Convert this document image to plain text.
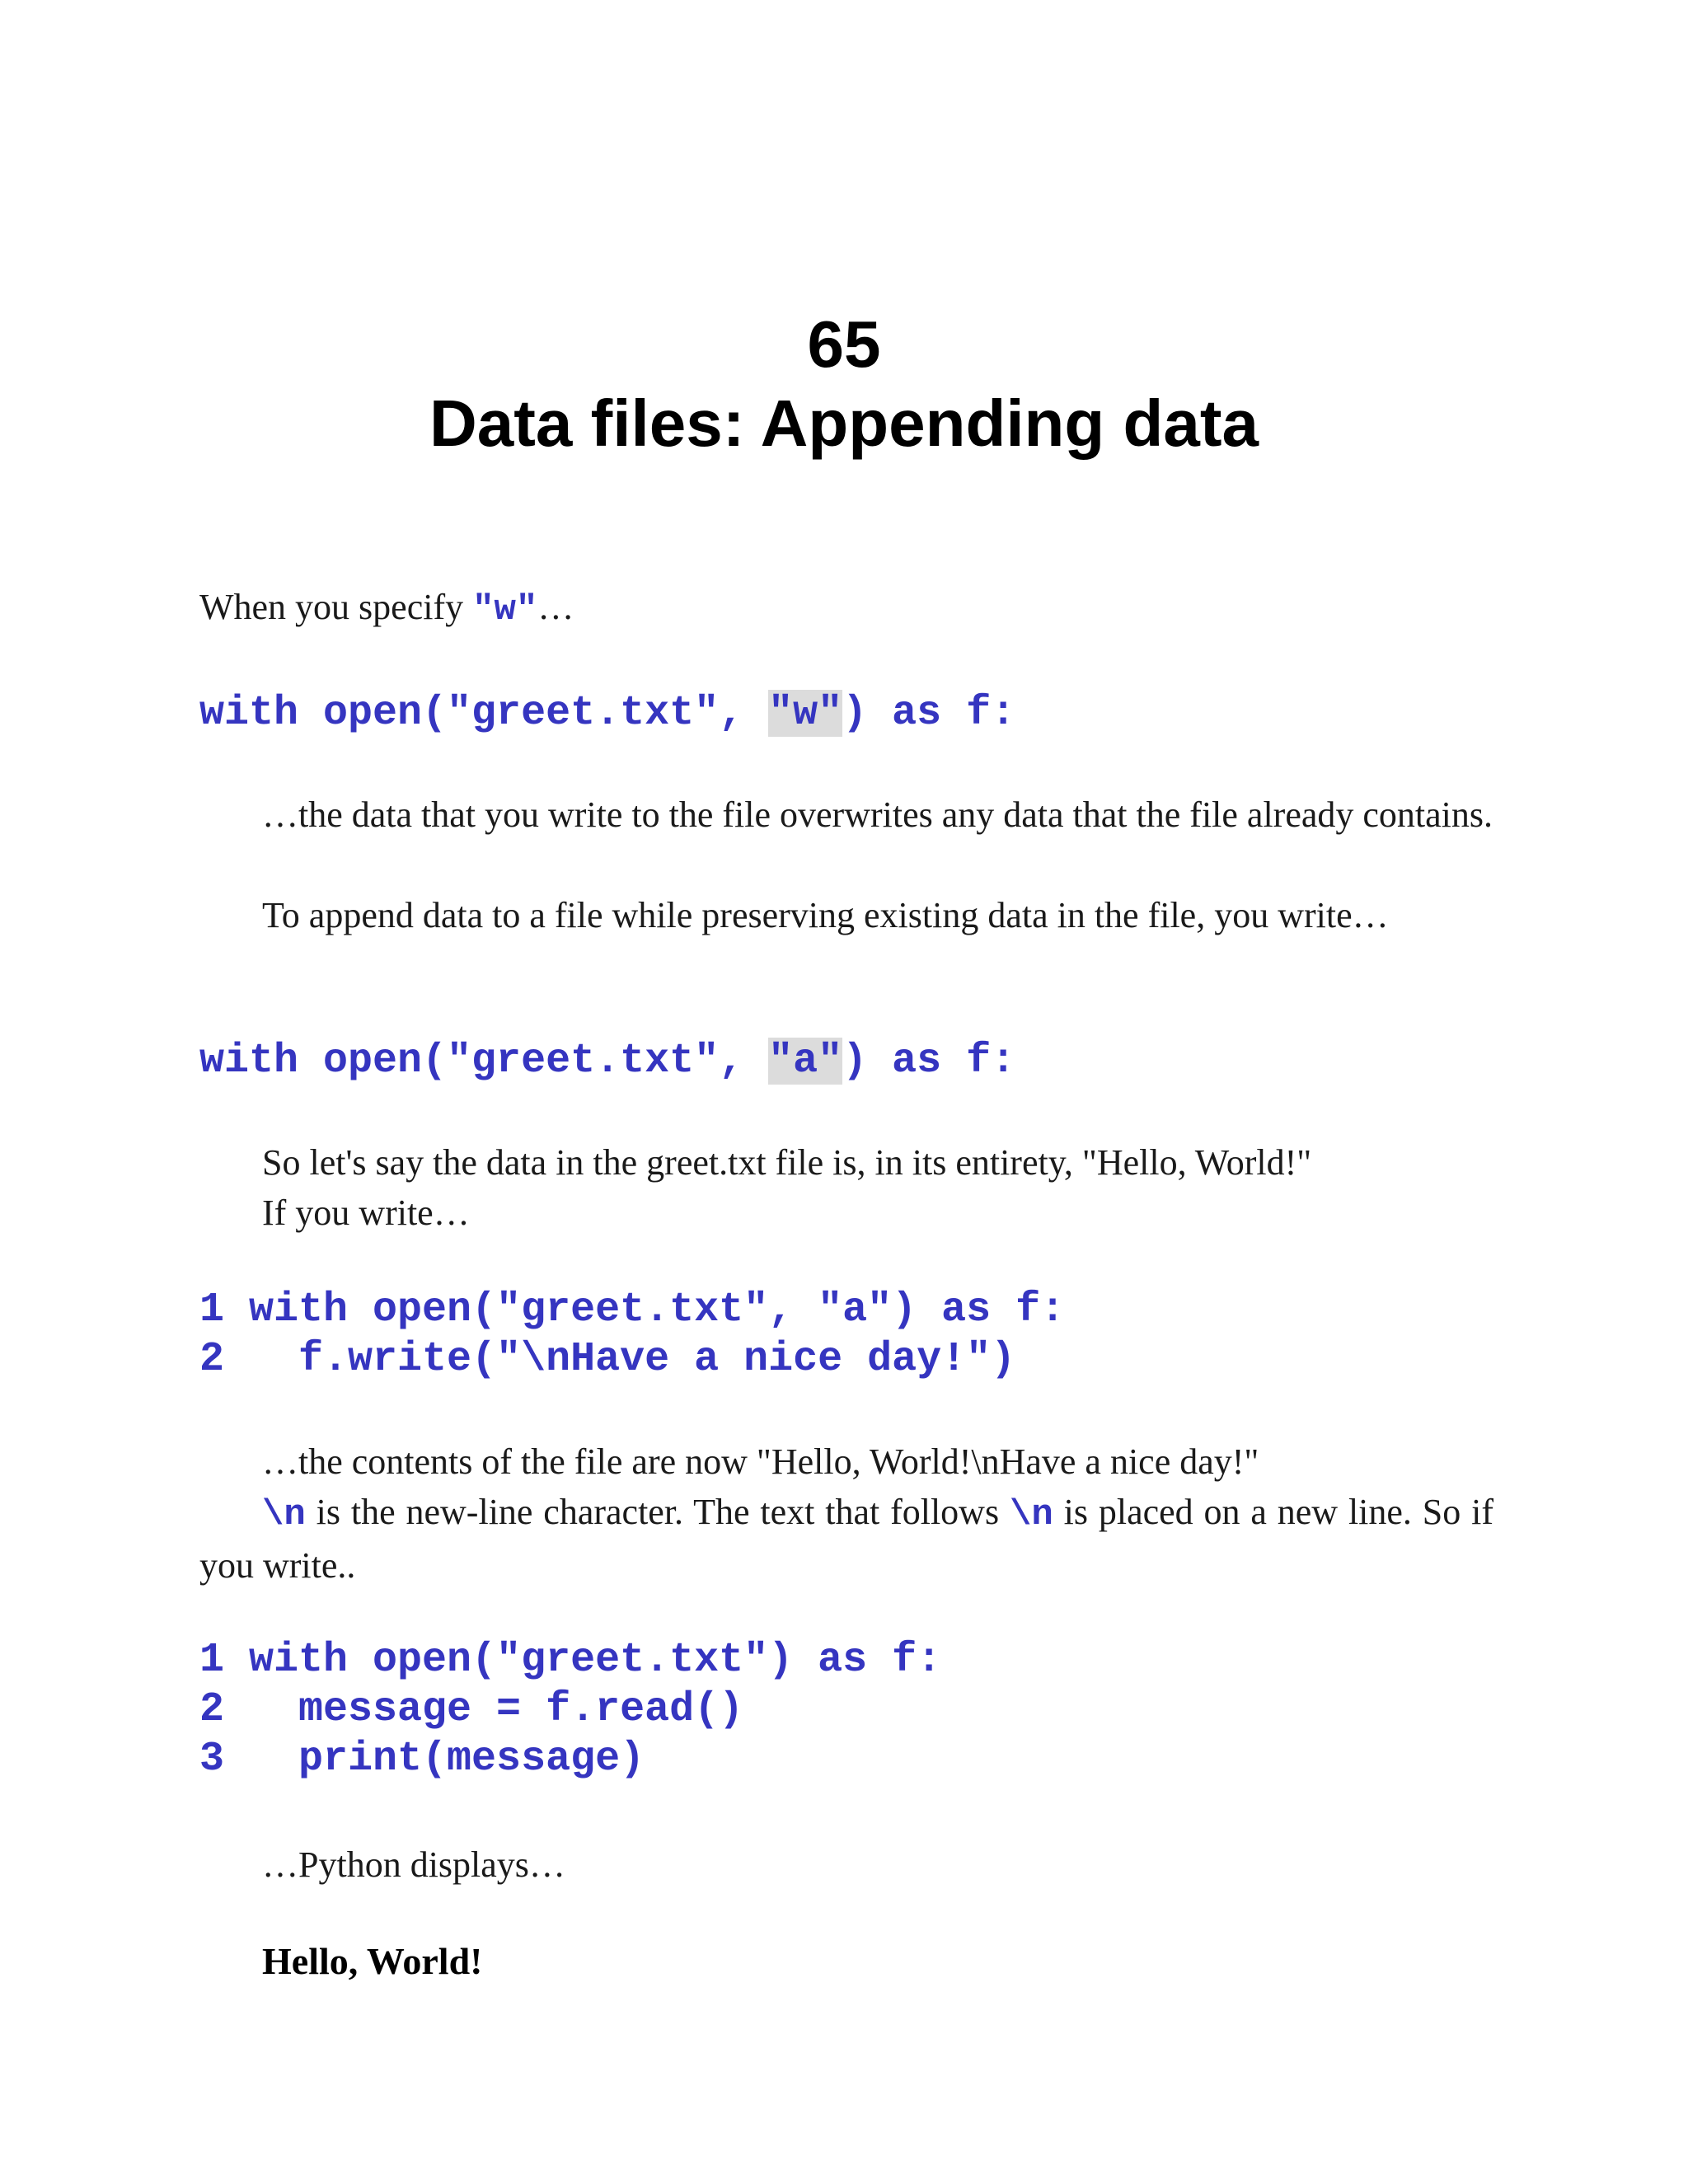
65
Data files: Appending data

When you specify "w"…

with open("greet.txt", "w") as f:

…the data that you write to the file overwrites any data that the file already contains.

To append data to a file while preserving existing data in the file, you write…

with open("greet.txt", "a") as f:

So let's say the data in the greet.txt file is, in its entirety, "Hello, World!"

If you write…

1 with open("greet.txt", "a") as f:
2   f.write("\nHave a nice day!")

…the contents of the file are now "Hello, World!\nHave a nice day!"

\n is the new-line character. The text that follows \n is placed on a new line. So if you write..

1 with open("greet.txt") as f:
2   message = f.read()
3   print(message)

…Python displays…

Hello, World!
